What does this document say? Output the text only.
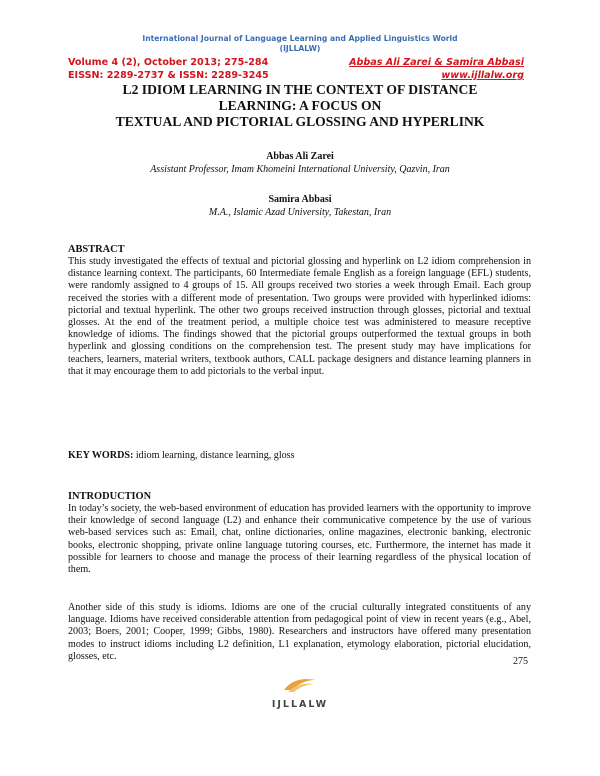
International Journal of Language Learning and Applied Linguistics World
(IJLLALW)
Volume 4 (2), October 2013; 275-284
EISSN: 2289-2737 & ISSN: 2289-3245
Abbas Ali Zarei & Samira Abbasi
www.ijllalw.org
L2 IDIOM LEARNING IN THE CONTEXT OF DISTANCE
LEARNING: A FOCUS ON
TEXTUAL AND PICTORIAL GLOSSING AND HYPERLINK
Abbas Ali Zarei
Assistant Professor, Imam Khomeini International University, Qazvin, Iran
Samira Abbasi
M.A., Islamic Azad University, Takestan, Iran
ABSTRACT
This study investigated the effects of textual and pictorial glossing and hyperlink on L2 idiom comprehension in distance learning context. The participants, 60 Intermediate female English as a foreign language (EFL) students, were randomly assigned to 4 groups of 15. All groups received two stories a week through Email. Each group received the stories with a different mode of presentation. Two groups were provided with hyperlinked idioms: pictorial and textual hyperlink. The other two groups received instruction through glosses, pictorial and textual glosses. At the end of the treatment period, a multiple choice test was administered to measure receptive knowledge of idioms. The findings showed that the pictorial groups outperformed the textual groups in both hyperlink and glossing conditions on the comprehension test. The present study may have implications for teachers, learners, material writers, textbook authors, CALL package designers and distance learning planners in that it may encourage them to add pictorials to the verbal input.
KEY WORDS: idiom learning, distance learning, gloss
INTRODUCTION
In today’s society, the web-based environment of education has provided learners with the opportunity to improve their knowledge of second language (L2) and enhance their communicative competence by the use of various web-based services such as: Email, chat, online dictionaries, online magazines, electronic banking, electronic books, electronic shopping, private online language tutoring courses, etc. Furthermore, the internet has made it possible for learners to choose and manage the process of their learning regardless of the physical location of them.
Another side of this study is idioms. Idioms are one of the crucial culturally integrated constituents of any language. Idioms have received considerable attention from pedagogical point of view in recent years (e.g., Abel, 2003; Boers, 2001; Cooper, 1999; Gibbs, 1980). Researchers and instructors have offered many presentation modes to instruct idioms including L2 definition, L1 explanation, etymology elaboration, pictorial elucidation, glosses, etc.	275
IJLLALW
